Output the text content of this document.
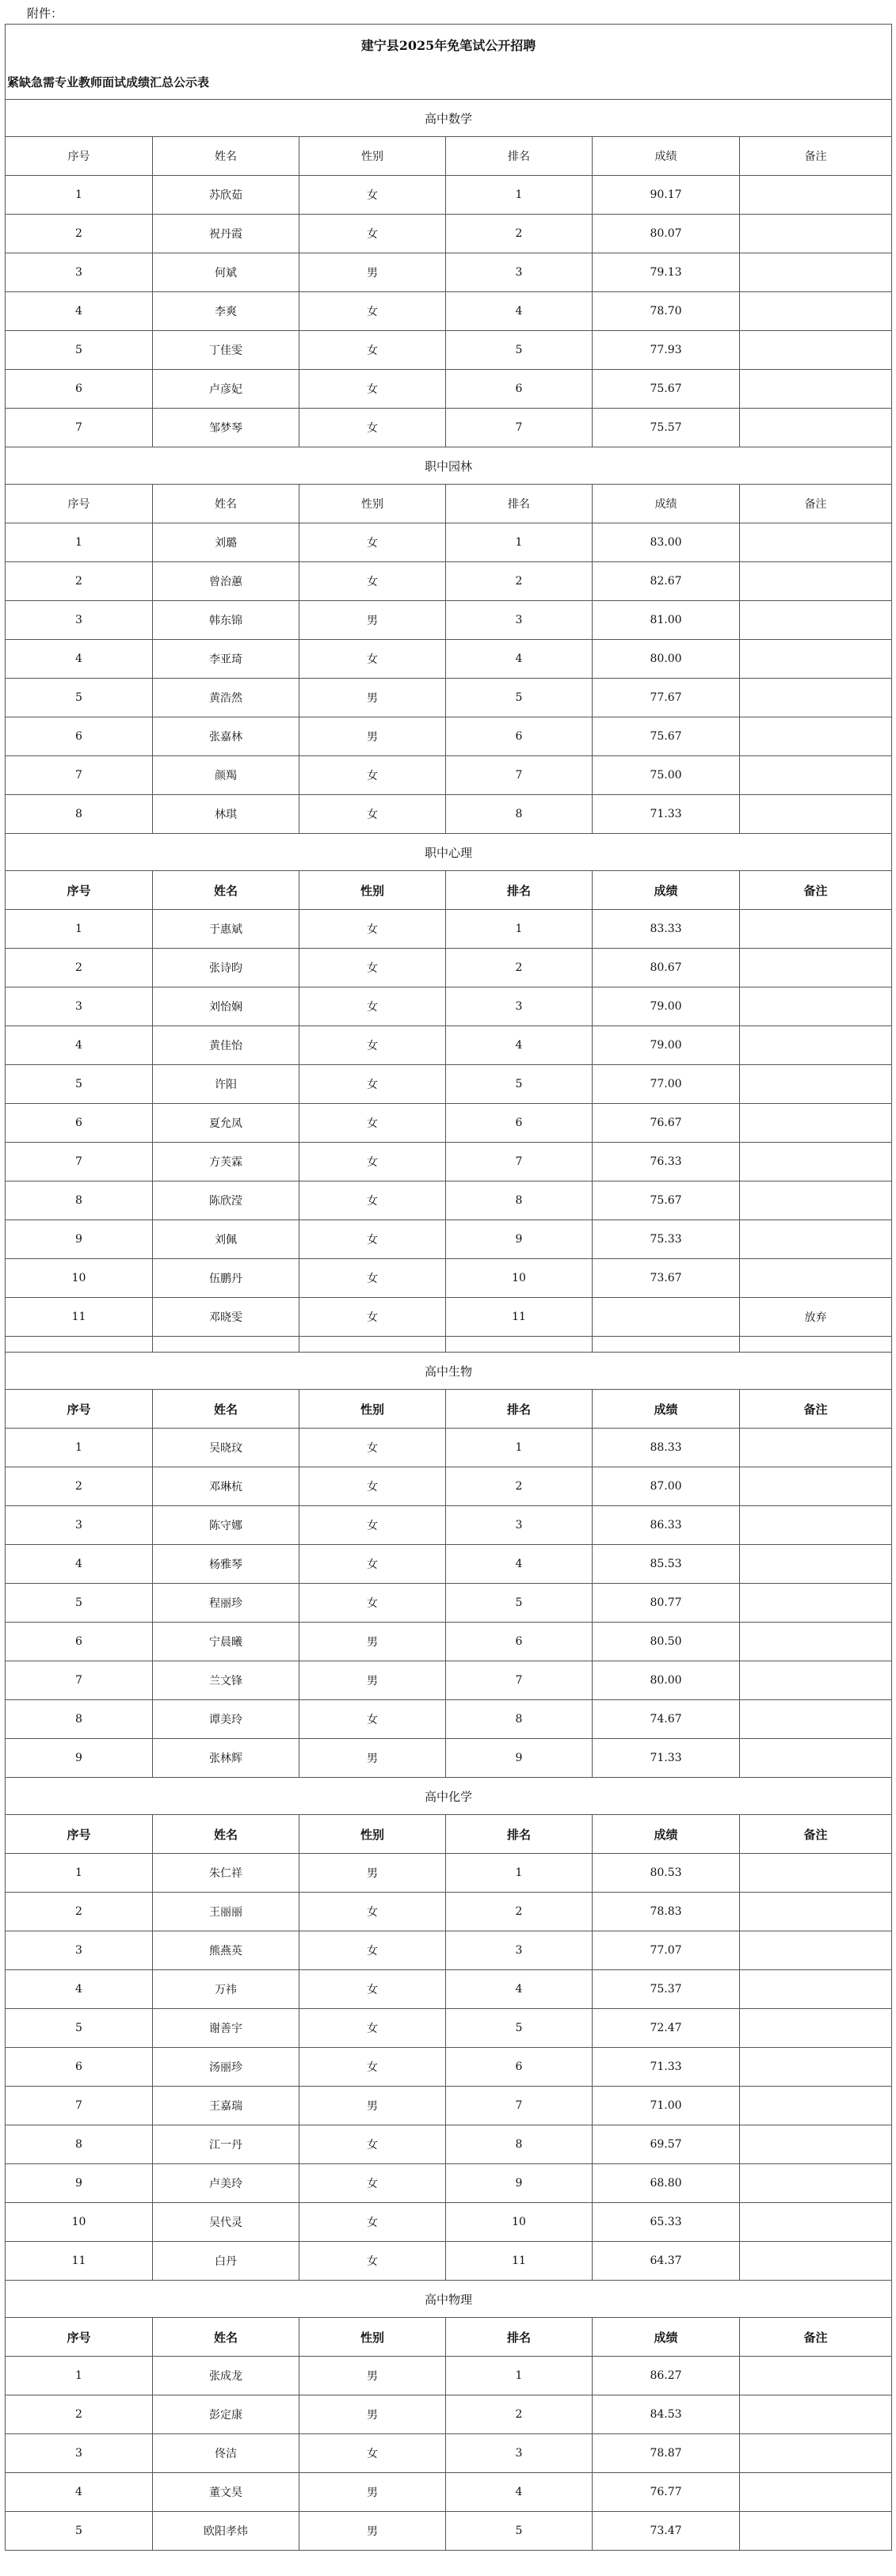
附件：
建宁县2025年免笔试公开招聘					
紧缺急需专业教师面试成绩汇总公示表					
高中数学					
序号	姓名	性别	排名	成绩	备注
1	苏欣茹	女	1	90.17	
2	祝丹霞	女	2	80.07	
3	何斌	男	3	79.13	
4	李爽	女	4	78.70	
5	丁佳雯	女	5	77.93	
6	卢彦妃	女	6	75.67	
7	邹梦琴	女	7	75.57	
职中园林					
序号	姓名	性别	排名	成绩	备注
1	刘璐	女	1	83.00	
2	曾治蕙	女	2	82.67	
3	韩东锦	男	3	81.00	
4	李亚琦	女	4	80.00	
5	黄浩然	男	5	77.67	
6	张嘉林	男	6	75.67	
7	颜羯	女	7	75.00	
8	林琪	女	8	71.33	
职中心理					
序号	姓名	性别	排名	成绩	备注
1	于惠斌	女	1	83.33	
2	张诗昀	女	2	80.67	
3	刘怡娴	女	3	79.00	
4	黄佳怡	女	4	79.00	
5	许阳	女	5	77.00	
6	夏允凤	女	6	76.67	
7	方芙霖	女	7	76.33	
8	陈欣滢	女	8	75.67	
9	刘佩	女	9	75.33	
10	伍鹏丹	女	10	73.67	
11	邓晓雯	女	11		放弃

高中生物					
序号	姓名	性别	排名	成绩	备注
1	吴晓玟	女	1	88.33	
2	邓琳杭	女	2	87.00	
3	陈守娜	女	3	86.33	
4	杨雅琴	女	4	85.53	
5	程丽珍	女	5	80.77	
6	宁晨曦	男	6	80.50	
7	兰文锋	男	7	80.00	
8	谭美玲	女	8	74.67	
9	张林辉	男	9	71.33	
高中化学					
序号	姓名	性别	排名	成绩	备注
1	朱仁祥	男	1	80.53	
2	王丽丽	女	2	78.83	
3	熊燕英	女	3	77.07	
4	万祎	女	4	75.37	
5	谢善宇	女	5	72.47	
6	汤丽珍	女	6	71.33	
7	王嘉瑞	男	7	71.00	
8	江一丹	女	8	69.57	
9	卢美玲	女	9	68.80	
10	吴代灵	女	10	65.33	
11	白丹	女	11	64.37	
高中物理					
序号	姓名	性别	排名	成绩	备注
1	张成龙	男	1	86.27	
2	彭定康	男	2	84.53	
3	佟洁	女	3	78.87	
4	董文昊	男	4	76.77	
5	欧阳孝炜	男	5	73.47	
